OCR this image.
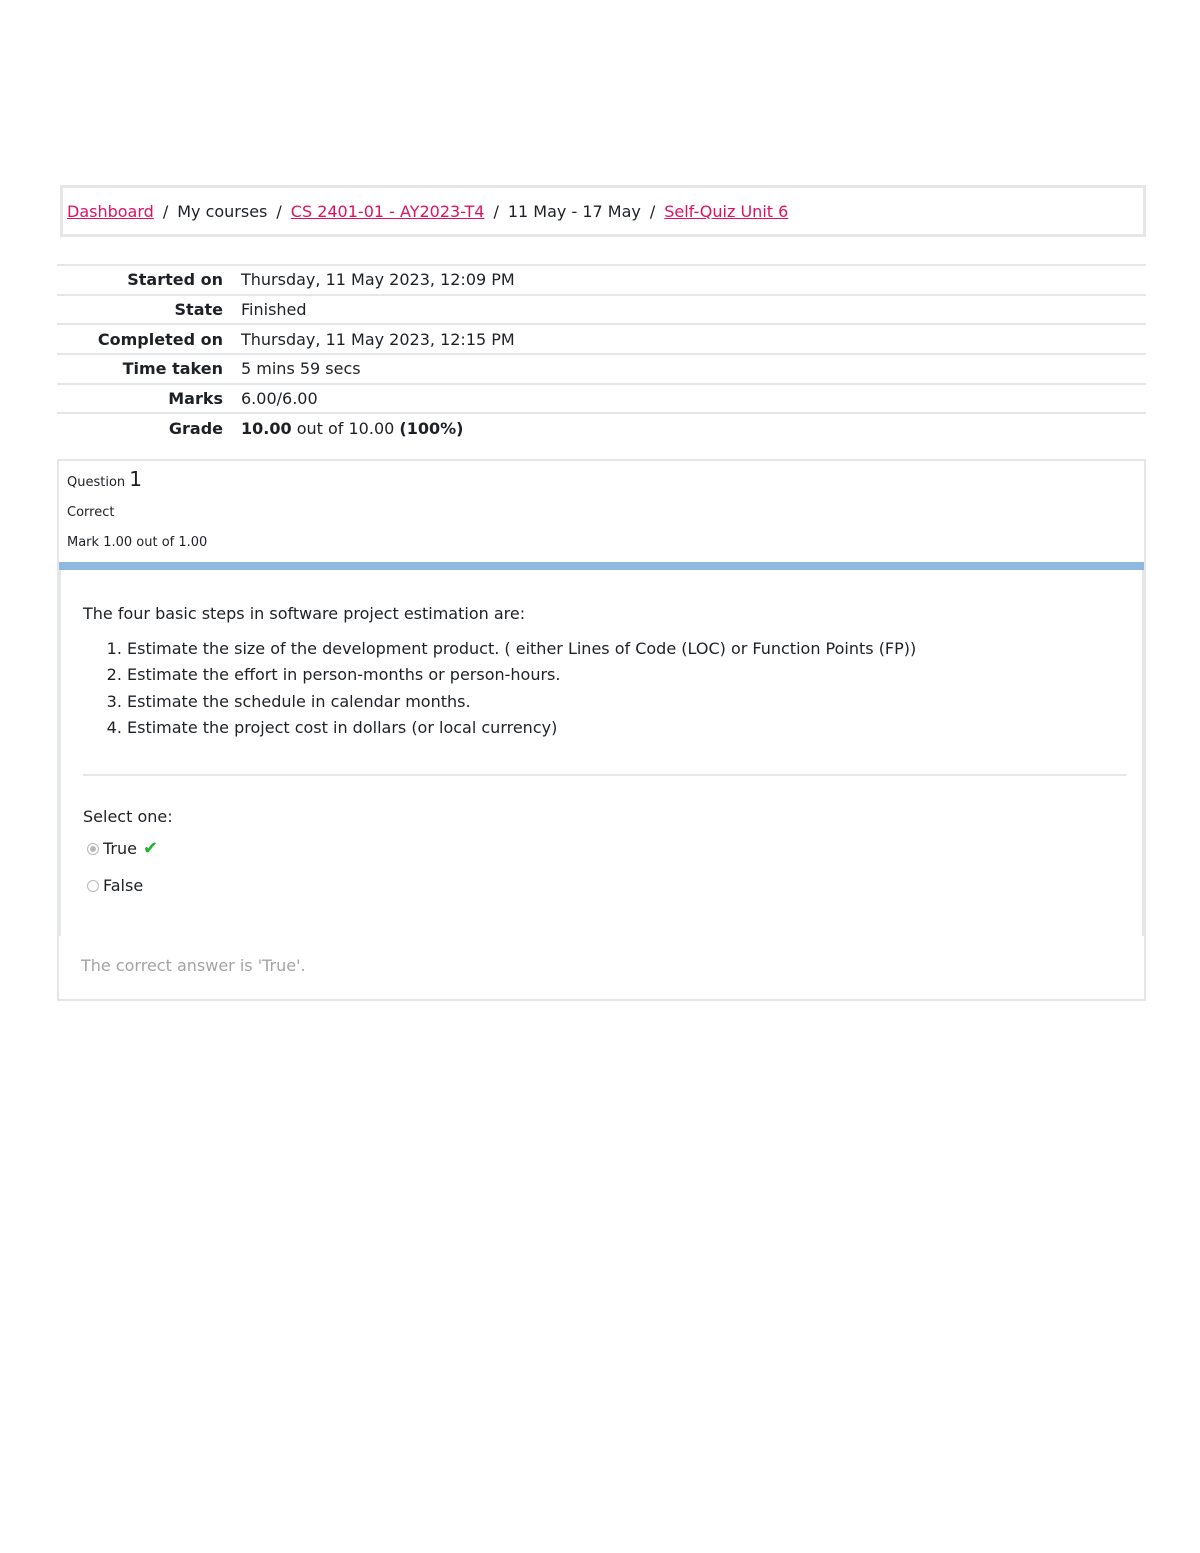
Dashboard / My courses / CS 2401-01 - AY2023-T4 / 11 May - 17 May / Self-Quiz Unit 6
Started on	Thursday, 11 May 2023, 12:09 PM
State	Finished
Completed on	Thursday, 11 May 2023, 12:15 PM
Time taken	5 mins 59 secs
Marks	6.00/6.00
Grade	10.00 out of 10.00 (100%)
Question 1
Correct
Mark 1.00 out of 1.00
The four basic steps in software project estimation are:
1. Estimate the size of the development product. ( either Lines of Code (LOC) or Function Points (FP))
2. Estimate the effort in person-months or person-hours.
3. Estimate the schedule in calendar months.
4. Estimate the project cost in dollars (or local currency)
Select one:
True ✔
False
The correct answer is 'True'.
